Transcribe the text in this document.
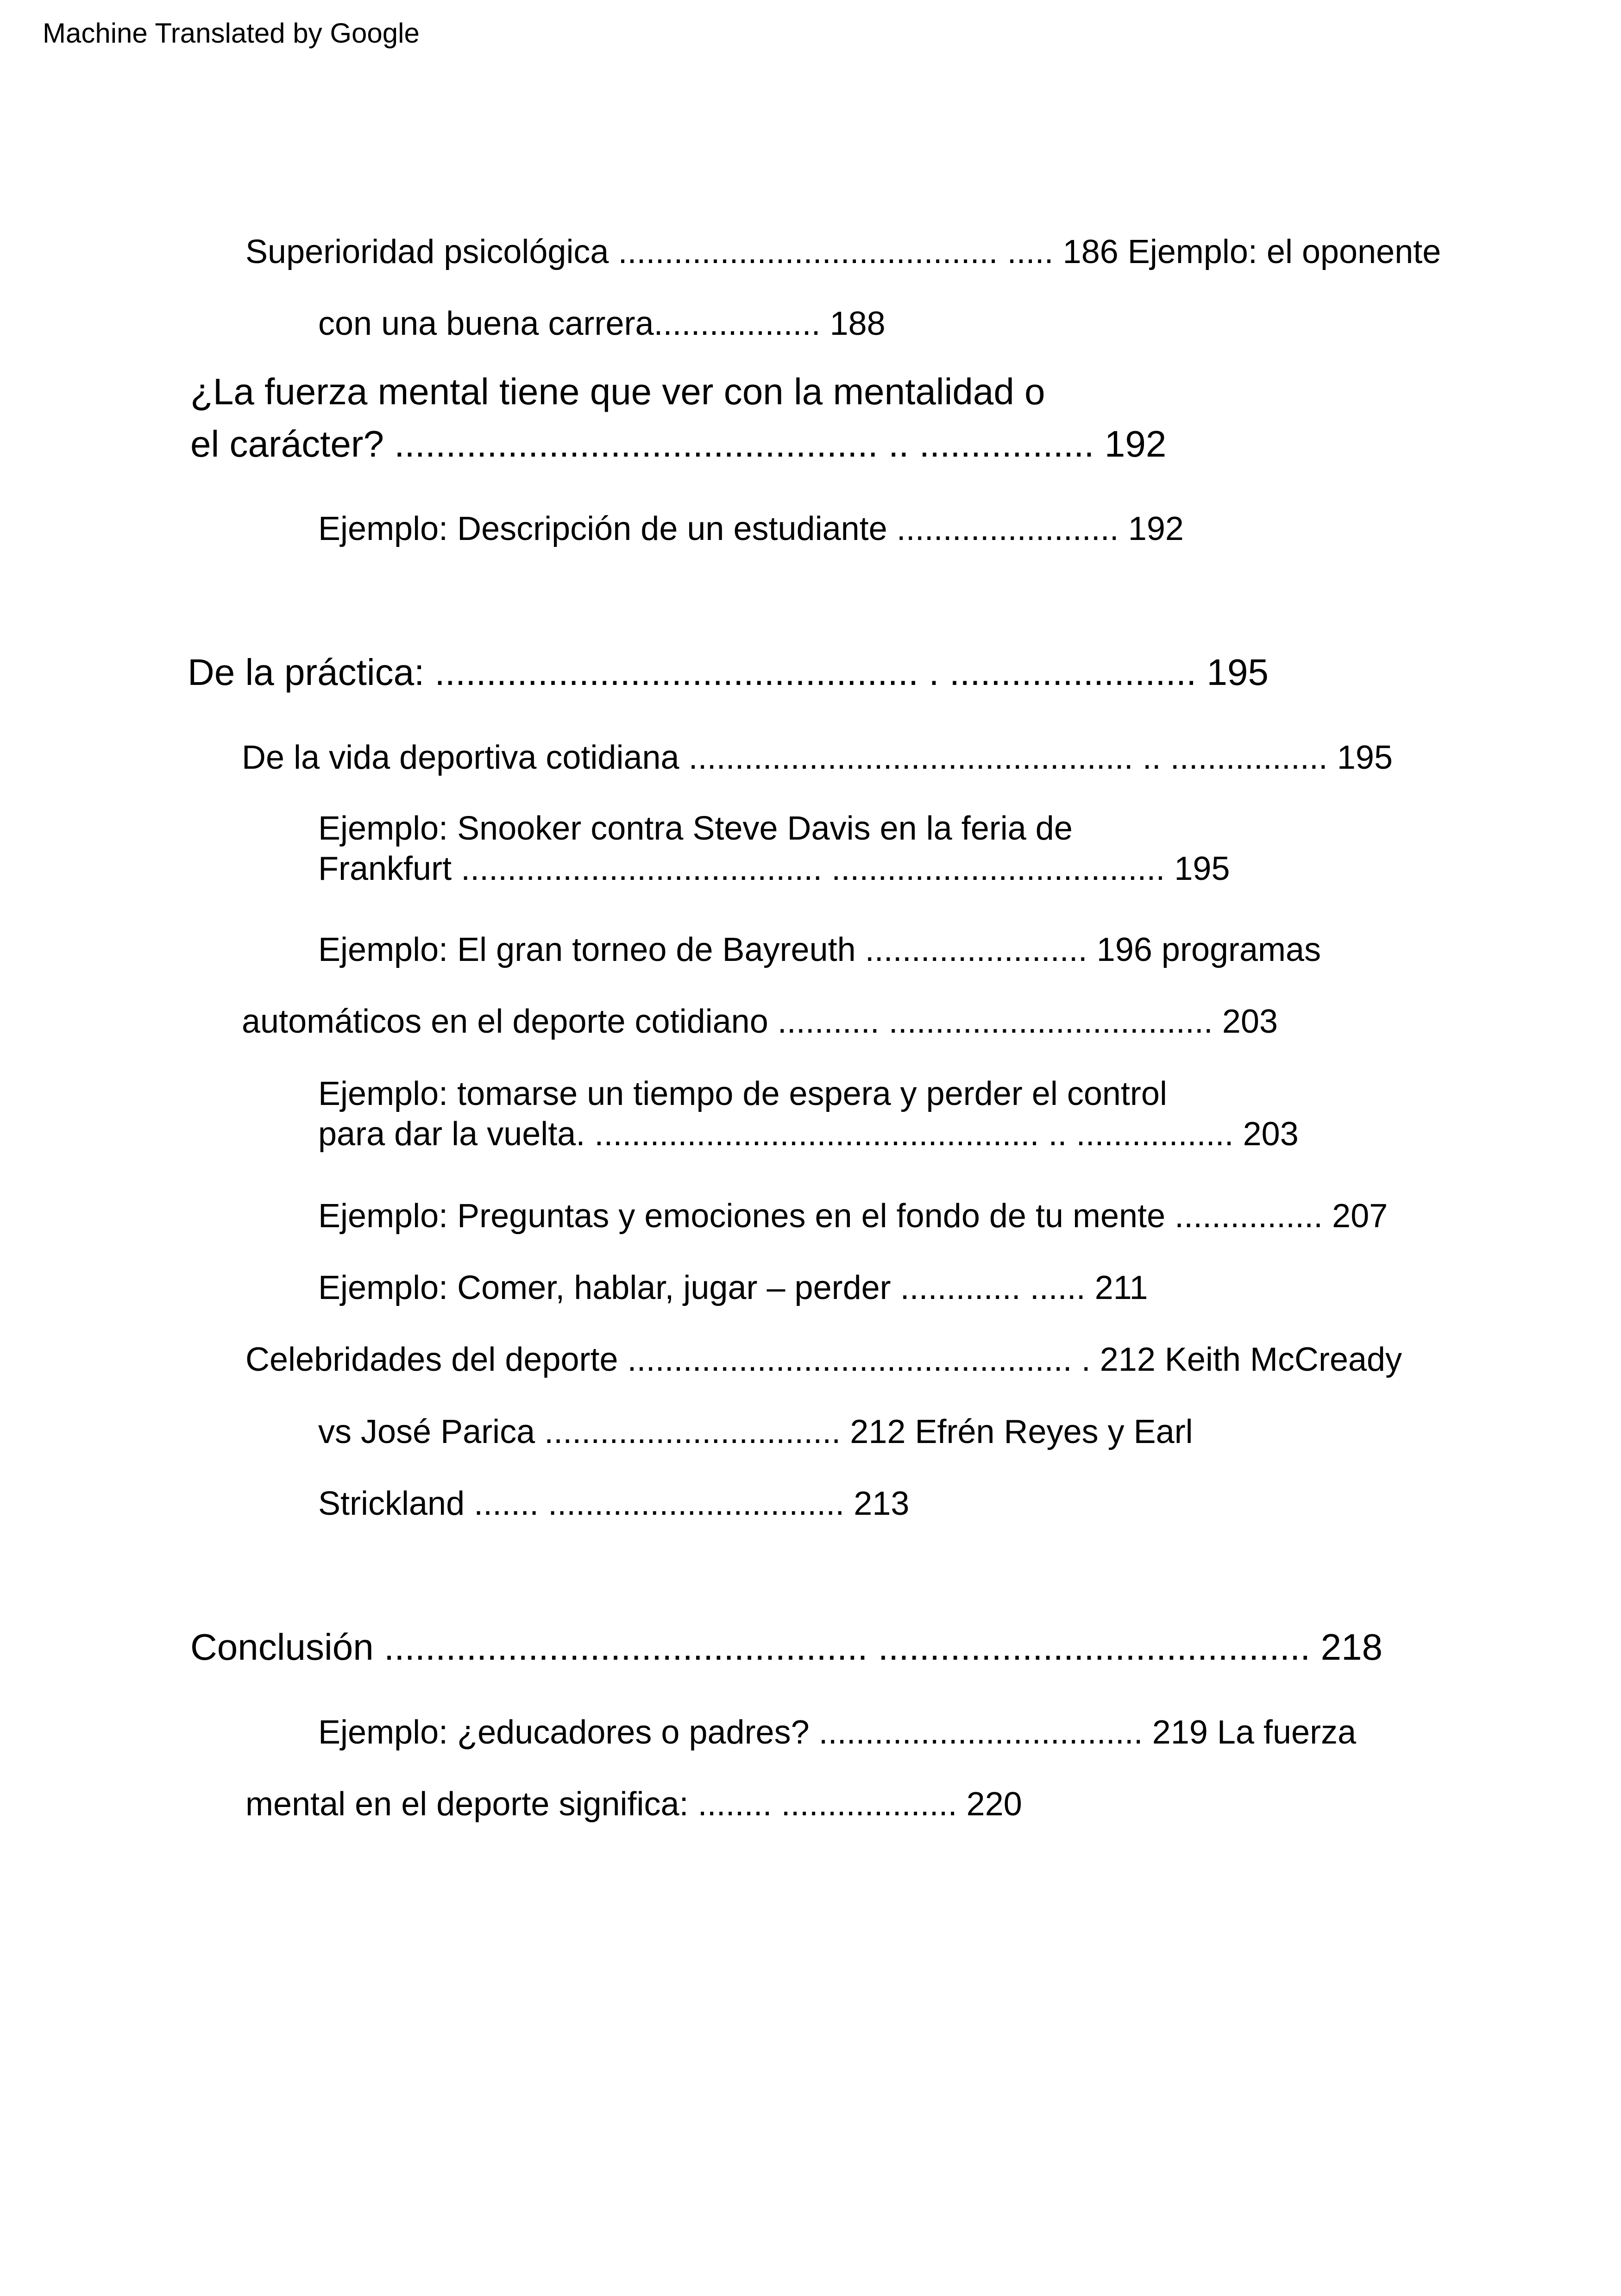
Machine Translated by Google
Superioridad psicológica ......................................... ..... 186 Ejemplo: el oponente
con una buena carrera.................. 188
¿La fuerza mental tiene que ver con la mentalidad o
el carácter? ............................................... .. ................. 192
Ejemplo: Descripción de un estudiante ........................ 192
De la práctica: ............................................... . ........................ 195
De la vida deportiva cotidiana ................................................ .. ................. 195
Ejemplo: Snooker contra Steve Davis en la feria de
Frankfurt ....................................... .................................... 195
Ejemplo: El gran torneo de Bayreuth ........................ 196 programas
automáticos en el deporte cotidiano ........... ................................... 203
Ejemplo: tomarse un tiempo de espera y perder el control
para dar la vuelta. ................................................ .. ................. 203
Ejemplo: Preguntas y emociones en el fondo de tu mente ................ 207
Ejemplo: Comer, hablar, jugar – perder ............. ...... 211
Celebridades del deporte ................................................ . 212 Keith McCready
vs José Parica ................................ 212 Efrén Reyes y Earl
Strickland ....... ................................ 213
Conclusión ............................................... .......................................... 218
Ejemplo: ¿educadores o padres? ................................... 219 La fuerza
mental en el deporte significa: ........ ................... 220
